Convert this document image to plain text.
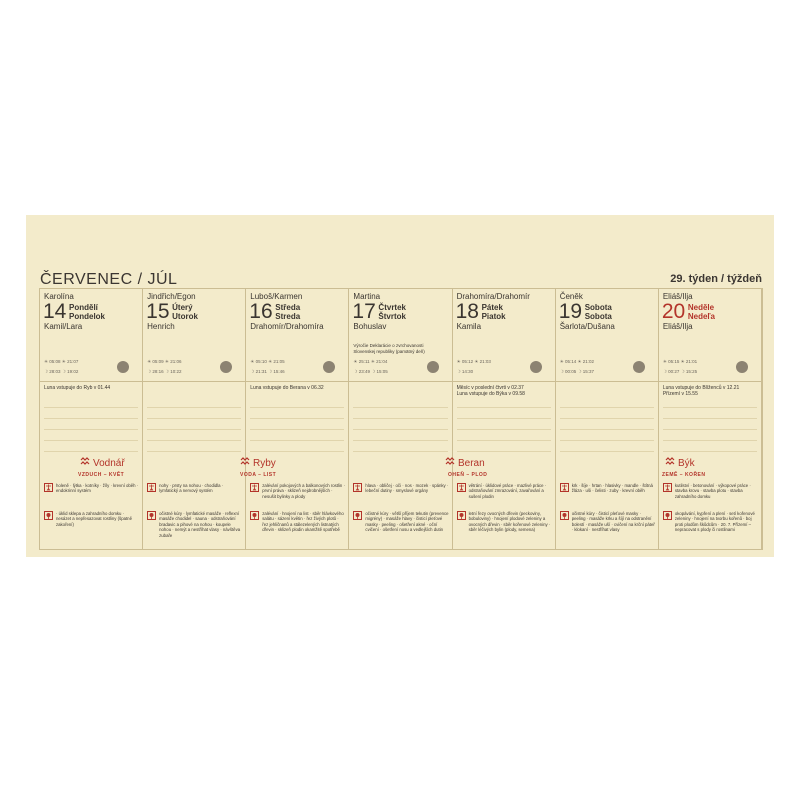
ČERVENEC / JÚL	29. týden / týždeň
Karolína
14 Pondělí
Pondelok
Kamil/Lara
☀ 05:08 ☀ 21:07
☽ 28:03 ☽ 19:02
Luna vstupuje do Ryb v 01.44
holeně · lýtka · kotníky · žíly · krevní oběh · endokrinní systém
· úklid sklepa a zahradního domku · nesázet a nepřesazovat rostliny (špatně zakoření)
Jindřich/Egon
15 Úterý
Utorok
Henrich
☀ 05:09 ☀ 21:06
☽ 28:16 ☽ 10:22
nohy · prsty na nohou · chodidla · lymfatický a nervový systém
očistné kúry · lymfatické masáže · reflexní masáže chodidel · sauna · odstraňování bradavic a pihové na nohou · koupele nohou · nemýt a nestříhat vlasy · návštěva zubaře
Luboš/Karmen
16 Středa
Streda
Drahomír/Drahomíra
☀ 05:10 ☀ 21:05
☽ 21:31 ☽ 15:46
Luna vstupuje do Berana v 06.32
zalévání pokojových a balkonových rostlin · první práva · sklizeň nejdrobnějších · nesušit bylinky a plody
zalévání · hnojení na list · sběr hlávkového salátu · sázení květin · řez živých plotů · řez jehličnanů a stálezelených listnatých dřevin · sklizeň plodin okamžitě spotřebě
Martina
17 Čtvrtek
Štvrtok
Bohuslav
Výročie Deklarácie o zvrchovanosti Slovenskej republiky (pamätný deň)
☀ 25:11 ☀ 21:04
☽ 23:49 ☽ 15:05
hlava · obličej · oči · nos · mozek · spánky · lebeční dutiny · smyslové orgány
očistné kúry · větší příjem tekutin (prevence migrény) · masáže hlavy · čisticí pleťové masky · peeling · ošetření akné · oční cvičení · ošetření nosu a vedlejších dutin
Drahomíra/Drahomír
18 Pátek
Piatok
Kamila
☀ 05:12 ☀ 21:03
☽ 14:30
Měsíc v poslední čtvrti v 02.37
Luna vstupuje do Býka v 09.58
větrání · úklidové práce · mazlivé práce · odstraňování zmrazování, zavařování a sušení plodin
letní řezy ovocných dřevin (peckoviny, bobuloviny) · hnojení plodové zeleniny a ovocných dřevin · sběr kořenové zeleniny · sběr léčivých bylin (plody, semena)
Čeněk
19 Sobota
Sobota
Šarlota/Dušana
☀ 05:14 ☀ 21:02
☽ 00:05 ☽ 15:37
krk · šíje · hrtan · hlasivky · mandle · štítná žláza · uši · čelisti · zuby · krevní oběh
očistné kúry · čisticí pleťové masky · peeling · masáže krku a šíjí na odstranění bolestí · masáže uší · cvičení na krční páteř · klokaní · nestříhat vlasy
Eliáš/Ilja
20 Neděle
Nedeľa
Eliáš/Ilja
☀ 05:15 ☀ 21:01
☽ 00:27 ☽ 15:25
Luna vstupuje do Blíženců v 12.21
Přízemí v 15.55
kutilství · betonování · výkopové práce · stavba krovu · stavba plotu · stavba zahradního domku
okopávání, kypření a plení · setí kořenové zeleniny · hnojení na tvorbu kořenů · boj proti plodům škůdcům · 20. 7. Přízemí – nepracovat s plody či rostlinami
Vodnář
VZDUCH – KVĚT
Ryby
VODA – LIST
Beran
OHEŇ – PLOD
Býk
ZEMĚ – KOŘEN
